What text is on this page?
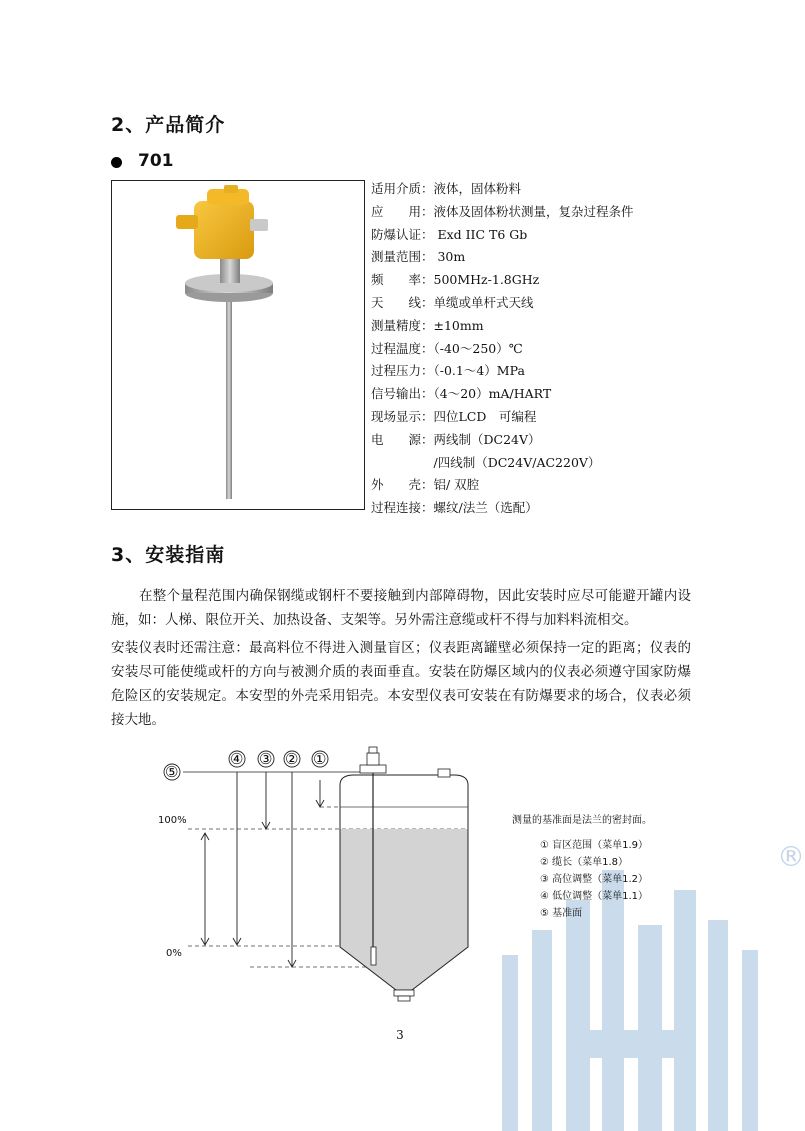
2、产品简介
701
适用介质：液体，固体粉料
应　　用：液体及固体粉状测量，复杂过程条件
防爆认证： Exd IIC T6 Gb
测量范围： 30m
频　　率：500MHz-1.8GHz
天　　线：单缆或单杆式天线
测量精度：±10mm
过程温度：（-40～250）℃
过程压力：（-0.1～4）MPa
信号输出：（4～20）mA/HART
现场显示：四位LCD　可编程
电　　源：两线制（DC24V）
　　　　　/四线制（DC24V/AC220V）
外　　壳：铝/ 双腔
过程连接：螺纹/法兰（选配）
3、安装指南
在整个量程范围内确保钢缆或钢杆不要接触到内部障碍物，因此安装时应尽可能避开罐内设施，如：人梯、限位开关、加热设备、支架等。另外需注意缆或杆不得与加料料流相交。
安装仪表时还需注意：最高料位不得进入测量盲区；仪表距离罐壁必须保持一定的距离；仪表的安装尽可能使缆或杆的方向与被测介质的表面垂直。安装在防爆区域内的仪表必须遵守国家防爆危险区的安装规定。本安型的外壳采用铝壳。本安型仪表可安装在有防爆要求的场合，仪表必须接大地。
®
⑤
④ ③ ② ①
100%
0%
测量的基准面是法兰的密封面。
① 盲区范围（菜单1.9）
② 缆长（菜单1.8）
③ 高位调整（菜单1.2）
④ 低位调整（菜单1.1）
⑤ 基准面
3
